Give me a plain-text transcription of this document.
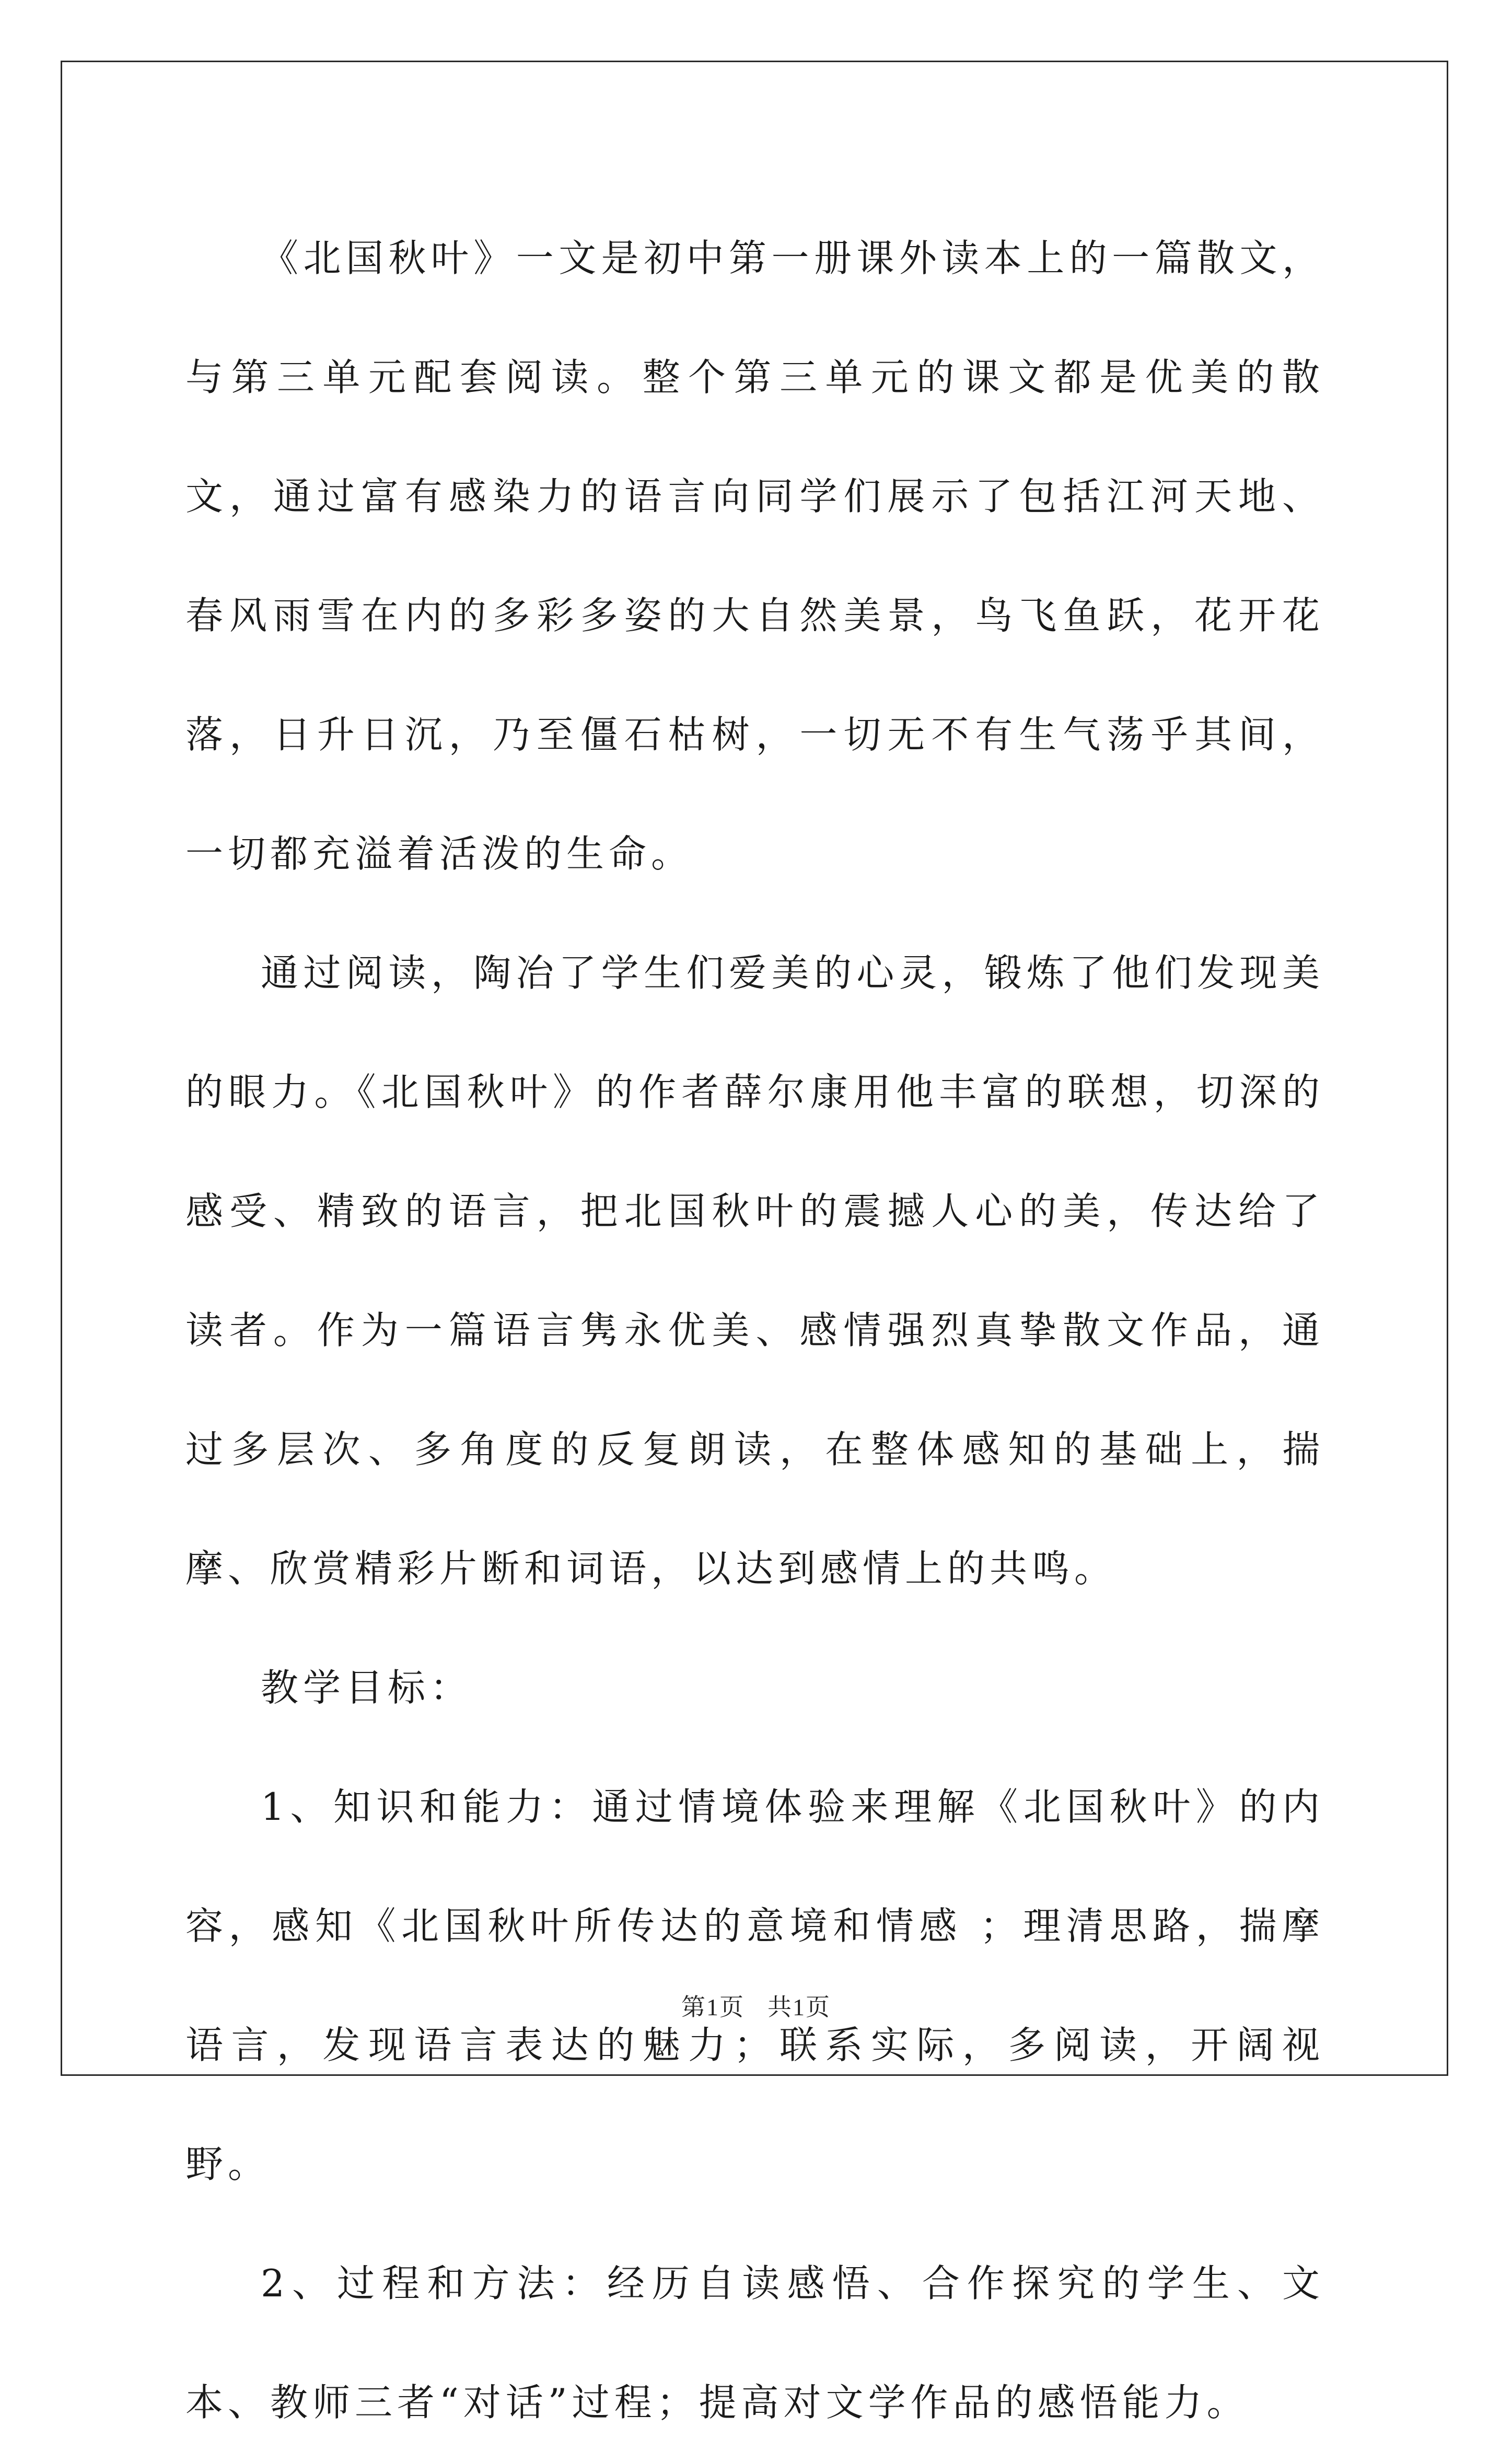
《北国秋叶》一文是初中第一册课外读本上的一篇散文，与第三单元配套阅读。整个第三单元的课文都是优美的散文，通过富有感染力的语言向同学们展示了包括江河天地、春风雨雪在内的多彩多姿的大自然美景，鸟飞鱼跃，花开花落，日升日沉，乃至僵石枯树，一切无不有生气荡乎其间，一切都充溢着活泼的生命。

通过阅读，陶冶了学生们爱美的心灵，锻炼了他们发现美的眼力。《北国秋叶》的作者薛尔康用他丰富的联想，切深的感受、精致的语言，把北国秋叶的震撼人心的美，传达给了读者。作为一篇语言隽永优美、感情强烈真挚散文作品，通过多层次、多角度的反复朗读，在整体感知的基础上，揣摩、欣赏精彩片断和词语，以达到感情上的共鸣。

教学目标：

1、知识和能力：通过情境体验来理解《北国秋叶》的内容，感知《北国秋叶所传达的意境和情感 ；理清思路，揣摩语言，发现语言表达的魅力；联系实际，多阅读，开阔视野。

2、过程和方法：经历自读感悟、合作探究的学生、文本、教师三者“对话”过程；提高对文学作品的感悟能力。

第1页 共1页
